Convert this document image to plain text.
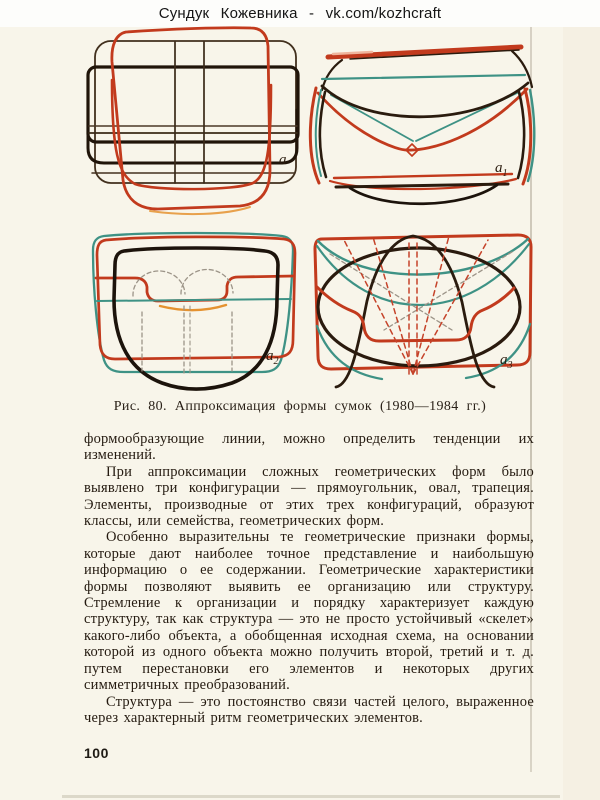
Сундук Кожевника - vk.com/kozhcraft
a	$a_1$
$a_2$	$a_3$
Рис. 80. Аппроксимация формы сумок (1980—1984 гг.)

формообразующие линии, можно определить тенденции их изменений.

При аппроксимации сложных геометрических форм было выявлено три конфигурации — прямоугольник, овал, трапеция. Элементы, производные от этих трех конфигураций, образуют классы, или семейства, геометрических форм.

Особенно выразительны те геометрические признаки формы, которые дают наиболее точное представление и наибольшую информацию о ее содержании. Геометрические характеристики формы позволяют выявить ее организацию или структуру. Стремление к организации и порядку характеризует каждую структуру, так как структура — это не просто устойчивый «скелет» какого-либо объекта, а обобщенная исходная схема, на основании которой из одного объекта можно получить второй, третий и т. д. путем перестановки его элементов и некоторых других симметричных преобразований.

Структура — это постоянство связи частей целого, выраженное через характерный ритм геометрических элементов.

100
